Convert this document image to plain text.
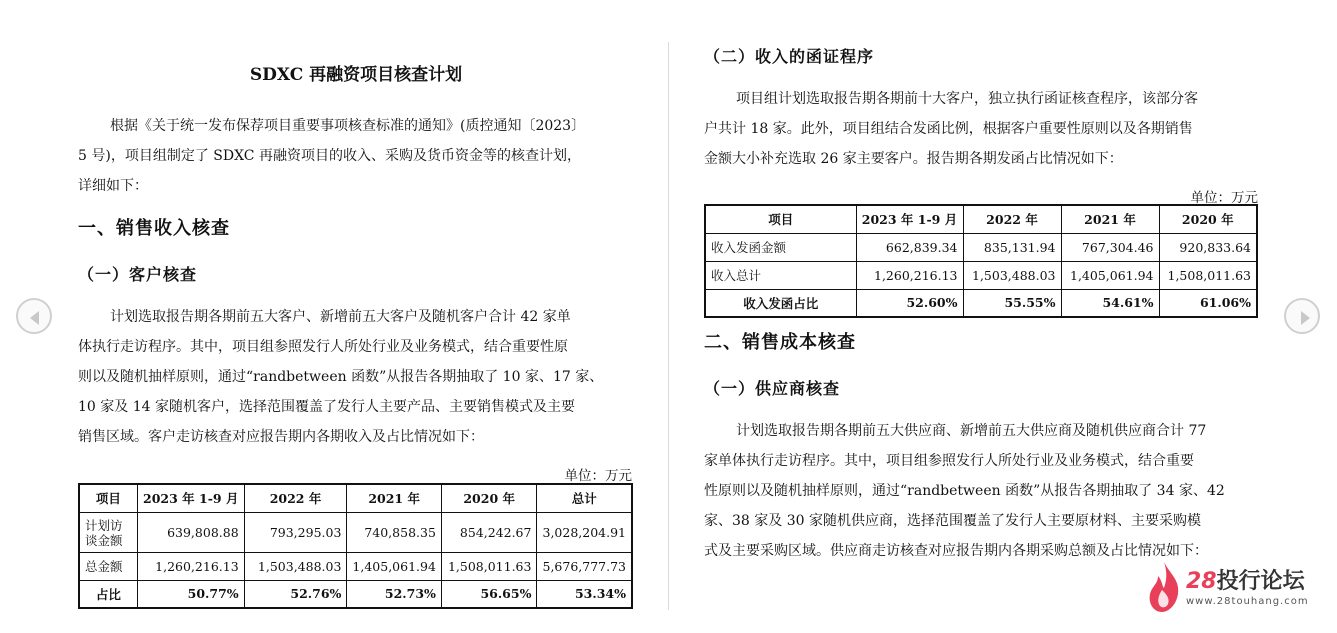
SDXC 再融资项目核查计划
根据《关于统一发布保荐项目重要事项核查标准的通知》(质控通知〔2023〕
5 号)，项目组制定了 SDXC 再融资项目的收入、采购及货币资金等的核查计划，
详细如下：
一、销售收入核查
（一）客户核查
计划选取报告期各期前五大客户、新增前五大客户及随机客户合计 42 家单
体执行走访程序。其中，项目组参照发行人所处行业及业务模式，结合重要性原
则以及随机抽样原则，通过“randbetween 函数”从报告各期抽取了 10 家、17 家、
10 家及 14 家随机客户，选择范围覆盖了发行人主要产品、主要销售模式及主要
销售区域。客户走访核查对应报告期内各期收入及占比情况如下：
单位：万元
项目	2023 年 1-9 月	2022 年	2021 年	2020 年	总计

计划访
谈金额	639,808.88	793,295.03	740,858.35	854,242.67	3,028,204.91
总金额	1,260,216.13	1,503,488.03	1,405,061.94	1,508,011.63	5,676,777.73
占比	50.77%	52.76%	52.73%	56.65%	53.34%
（二）收入的函证程序
项目组计划选取报告期各期前十大客户，独立执行函证核查程序，该部分客
户共计 18 家。此外，项目组结合发函比例，根据客户重要性原则以及各期销售
金额大小补充选取 26 家主要客户。报告期各期发函占比情况如下：
单位：万元
项目	2023 年 1-9 月	2022 年	2021 年	2020 年
收入发函金额	662,839.34	835,131.94	767,304.46	920,833.64
收入总计	1,260,216.13	1,503,488.03	1,405,061.94	1,508,011.63
收入发函占比	52.60%	55.55%	54.61%	61.06%
二、销售成本核查
（一）供应商核查
计划选取报告期各期前五大供应商、新增前五大供应商及随机供应商合计 77
家单体执行走访程序。其中，项目组参照发行人所处行业及业务模式，结合重要
性原则以及随机抽样原则，通过“randbetween 函数”从报告各期抽取了 34 家、42
家、38 家及 30 家随机供应商，选择范围覆盖了发行人主要原材料、主要采购模
式及主要采购区域。供应商走访核查对应报告期内各期采购总额及占比情况如下：
28投行论坛
www.28touhang.com
